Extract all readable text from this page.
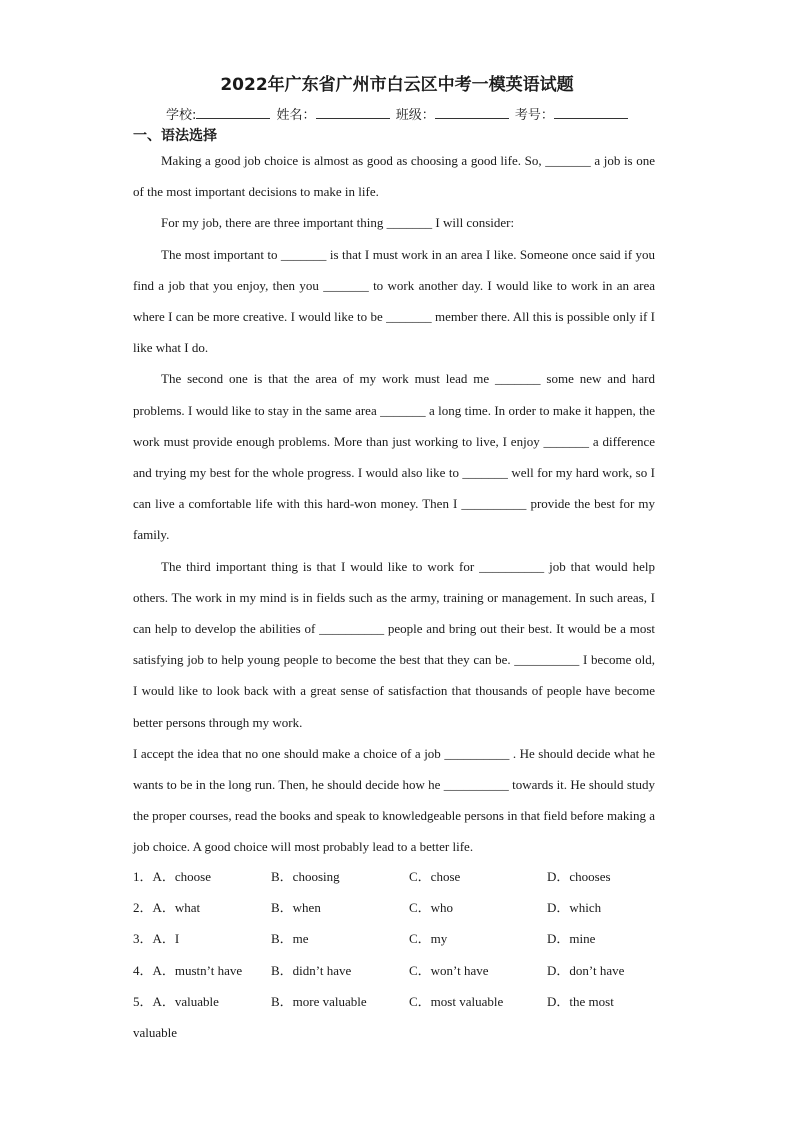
2022年广东省广州市白云区中考一模英语试题
学校:	姓名：	班级：	考号：
一、语法选择

Making a good job choice is almost as good as choosing a good life. So, _______ a job is one of the most important decisions to make in life.

For my job, there are three important thing _______ I will consider:

The most important to _______ is that I must work in an area I like. Someone once said if you find a job that you enjoy, then you _______ to work another day. I would like to work in an area where I can be more creative. I would like to be _______ member there. All this is possible only if I like what I do.

The second one is that the area of my work must lead me _______ some new and hard problems. I would like to stay in the same area _______ a long time. In order to make it happen, the work must provide enough problems. More than just working to live, I enjoy _______ a difference and trying my best for the whole progress. I would also like to _______ well for my hard work, so I can live a comfortable life with this hard-won money. Then I __________ provide the best for my family.

The third important thing is that I would like to work for __________ job that would help others. The work in my mind is in fields such as the army, training or management. In such areas, I can help to develop the abilities of __________ people and bring out their best. It would be a most satisfying job to help young people to become the best that they can be. __________ I become old, I would like to look back with a great sense of satisfaction that thousands of people have become better persons through my work.

I accept the idea that no one should make a choice of a job __________ . He should decide what he wants to be in the long run. Then, he should decide how he __________ towards it. He should study the proper courses, read the books and speak to knowledgeable persons in that field before making a job choice. A good choice will most probably lead to a better life.

1．A．choose	B．choosing	C．chose	D．chooses
2．A．what	B．when	C．who	D．which
3．A．I	B．me	C．my	D．mine
4．A．mustn’t have B．didn’t have	C．won’t have	D．don’t have
5．A．valuable	B．more valuable	C．most valuable	D．the most
valuable
